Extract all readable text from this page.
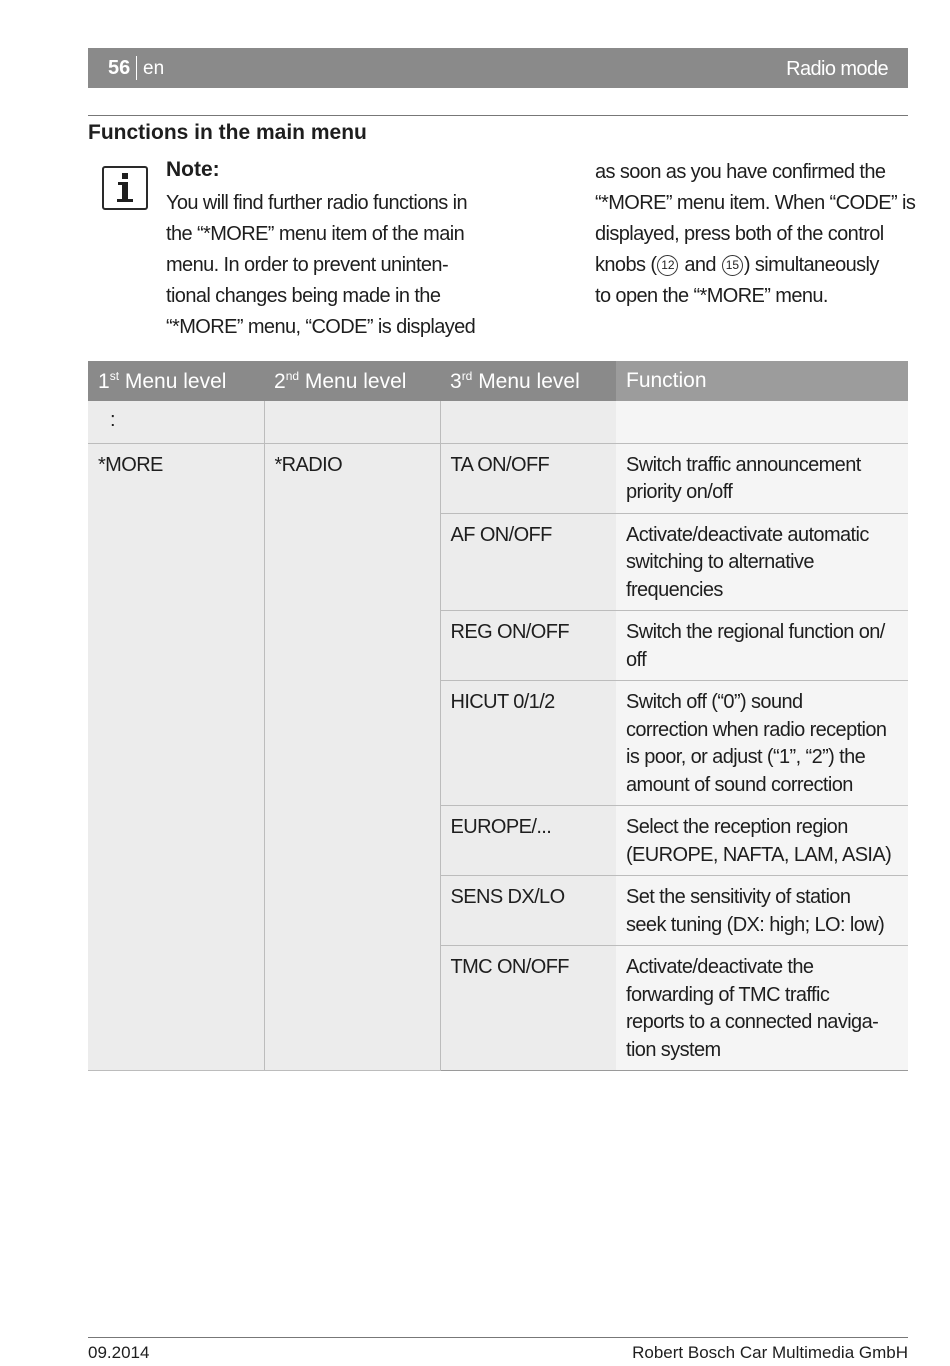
56 en	Radio mode
Functions in the main menu
Note:
You will find further radio functions in
the “*MORE” menu item of the main
menu. In order to prevent uninten-
tional changes being made in the
“*MORE” menu, “CODE” is displayed
as soon as you have confirmed the
“*MORE” menu item. When “CODE” is
displayed, press both of the control
knobs ( 12 and 15 ) simultaneously
to open the “*MORE” menu.
1st Menu level	2nd Menu level	3rd Menu level	Function
:			
*MORE	*RADIO	TA ON/OFF	Switch traffic announcement
priority on/off

		AF ON/OFF	Activate/deactivate automatic
switching to alternative
frequencies

		REG ON/OFF	Switch the regional function on/
off

		HICUT 0/1/2	Switch off (“0”) sound
correction when radio reception
is poor, or adjust (“1”, “2”) the
amount of sound correction

		EUROPE/...	Select the reception region
(EUROPE, NAFTA, LAM, ASIA)

		SENS DX/LO	Set the sensitivity of station
seek tuning (DX: high; LO: low)

		TMC ON/OFF	Activate/deactivate the
forwarding of TMC traffic
reports to a connected naviga-
tion system
09.2014	Robert Bosch Car Multimedia GmbH
